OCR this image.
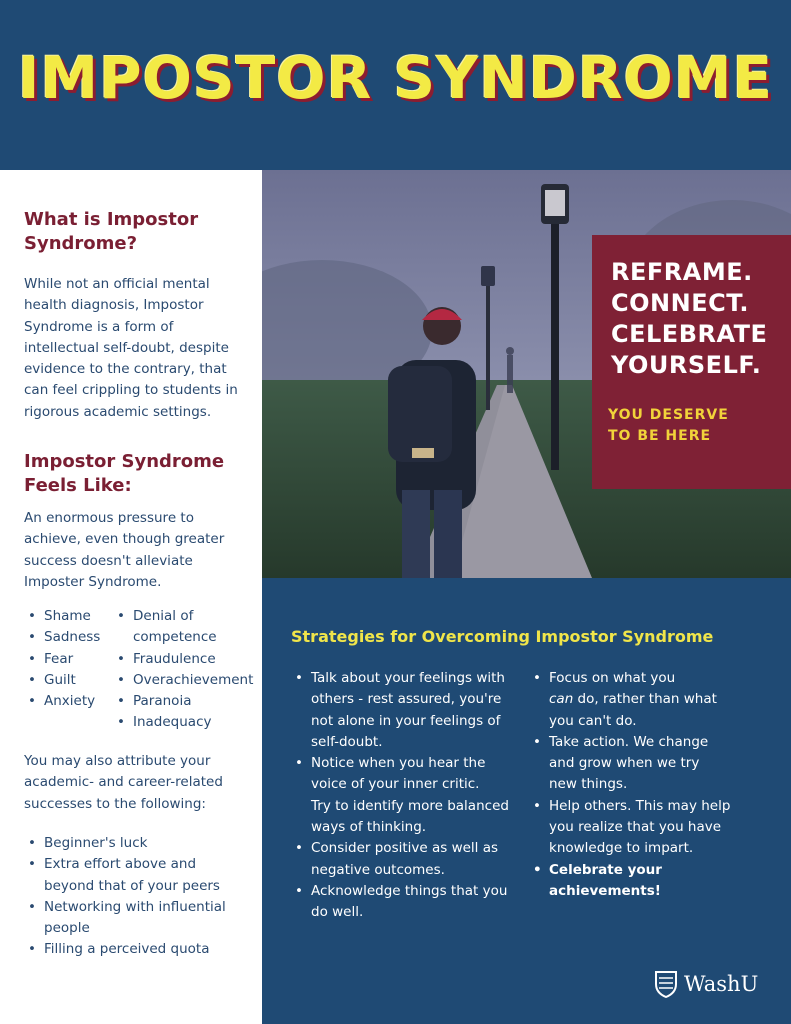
IMPOSTOR SYNDROME
What is Impostor
Syndrome?
While not an official mental
health diagnosis, Impostor
Syndrome is a form of
intellectual self-doubt, despite
evidence to the contrary, that
can feel crippling to students in
rigorous academic settings.
Impostor Syndrome
Feels Like:
An enormous pressure to
achieve, even though greater
success doesn't alleviate
Imposter Syndrome.
• Shame
• Sadness
• Fear
• Guilt
• Anxiety
• Denial of
competence
• Fraudulence
• Overachievement
• Paranoia
• Inadequacy
You may also attribute your
academic- and career-related
successes to the following:
• Beginner's luck
• Extra effort above and
beyond that of your peers
• Networking with influential
people
• Filling a perceived quota
REFRAME.
CONNECT.
CELEBRATE
YOURSELF.
YOU DESERVE
TO BE HERE
Strategies for Overcoming Impostor Syndrome
• Talk about your feelings with
others - rest assured, you're
not alone in your feelings of
self-doubt.
• Notice when you hear the
voice of your inner critic.
Try to identify more balanced
ways of thinking.
• Consider positive as well as
negative outcomes.
• Acknowledge things that you
do well.
• Focus on what you
can do, rather than what
you can't do.
• Take action. We change
and grow when we try
new things.
• Help others. This may help
you realize that you have
knowledge to impart.
• Celebrate your
achievements!
WashU
